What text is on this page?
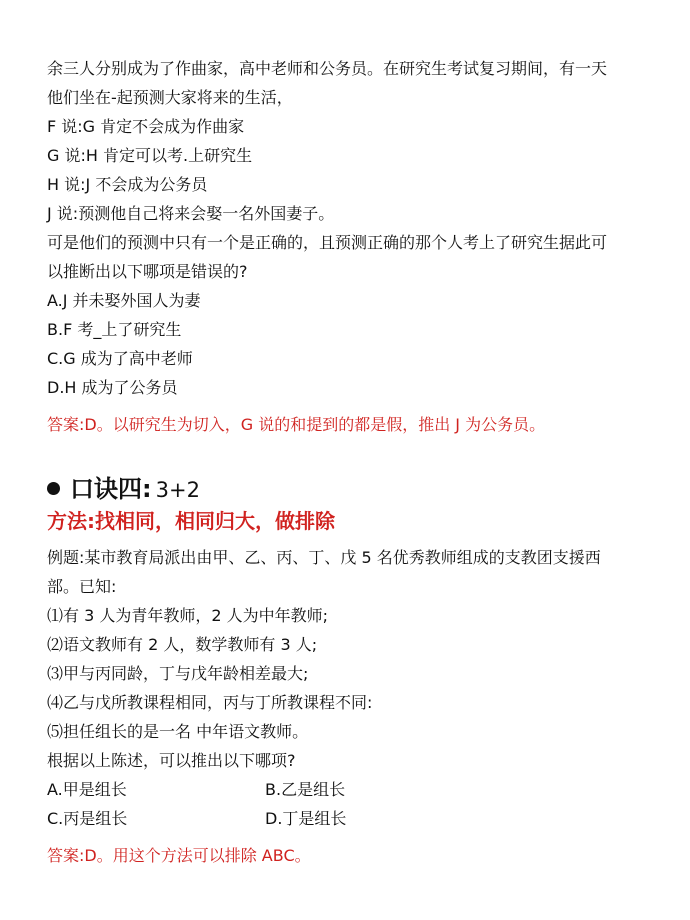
余三人分别成为了作曲家，高中老师和公务员。在研究生考试复习期间，有一天
他们坐在-起预测大家将来的生活，
F 说:G 肯定不会成为作曲家
G 说:H 肯定可以考.上研究生
H 说:J 不会成为公务员
J 说:预测他自己将来会娶一名外国妻子。
可是他们的预测中只有一个是正确的，且预测正确的那个人考上了研究生据此可
以推断出以下哪项是错误的?
A.J 并未娶外国人为妻
B.F 考_上了研究生
C.G 成为了高中老师
D.H 成为了公务员
答案:D。以研究生为切入，G 说的和提到的都是假，推出 J 为公务员。
口诀四: 3+2
方法:找相同，相同归大，做排除
例题:某市教育局派出由甲、乙、丙、丁、戊 5 名优秀教师组成的支教团支援西
部。已知:
⑴有 3 人为青年教师，2 人为中年教师;
⑵语文教师有 2 人，数学教师有 3 人;
⑶甲与丙同龄，丁与戊年龄相差最大;
⑷乙与戊所教课程相同，丙与丁所教课程不同:
⑸担任组长的是一名 中年语文教师。
根据以上陈述，可以推出以下哪项?
A.甲是组长	B.乙是组长
C.丙是组长	D.丁是组长
答案:D。用这个方法可以排除 ABC。
